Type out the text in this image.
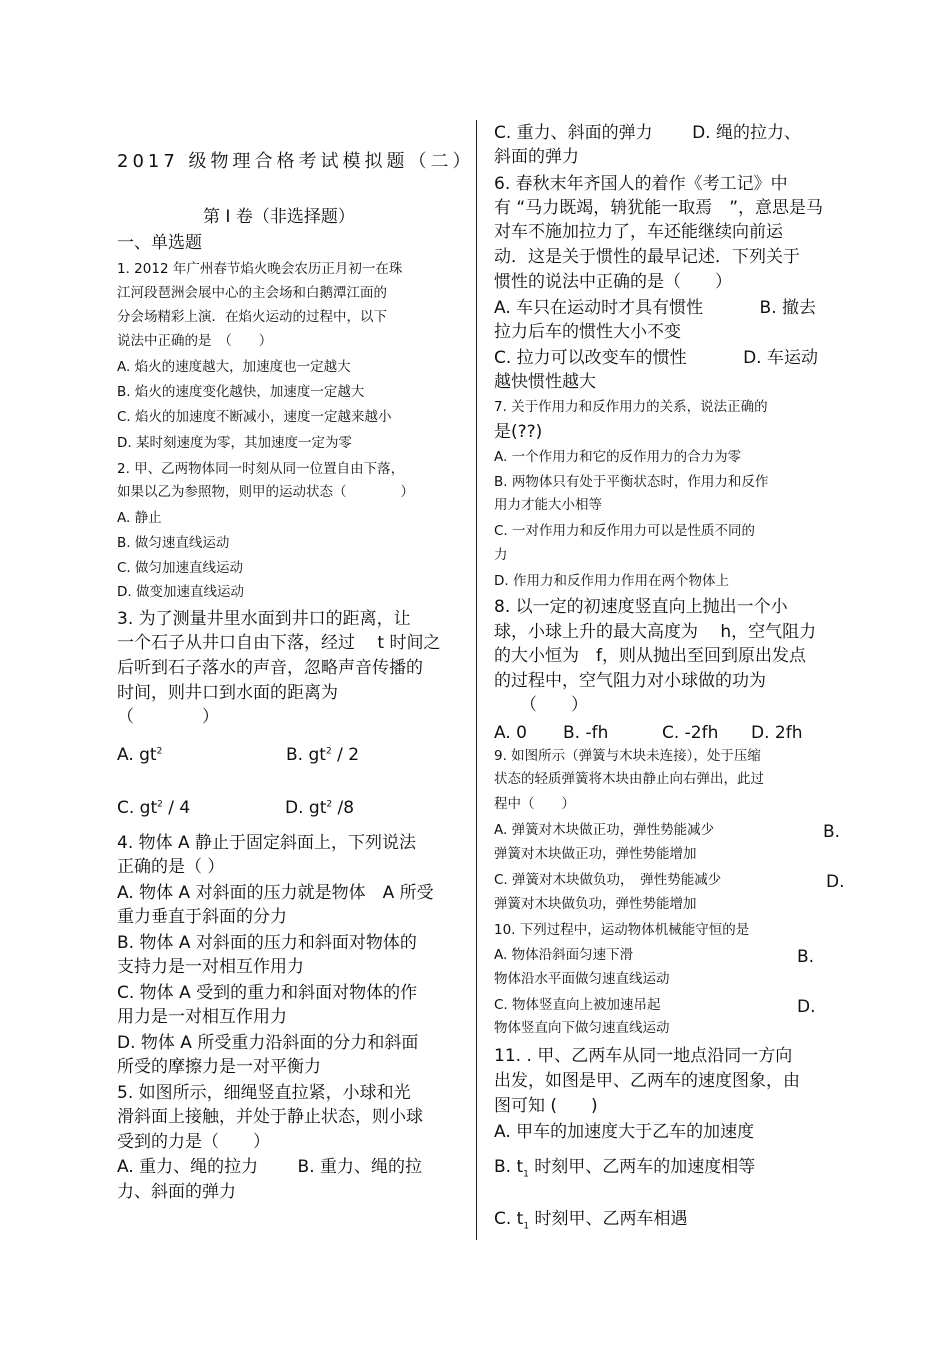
2017 级物理合格考试模拟题（二）
第 I 卷（非选择题）
一、单选题
1. 2012 年广州春节焰火晚会农历正月初一在珠
江河段琶洲会展中心的主会场和白鹅潭江面的
分会场精彩上演．在焰火运动的过程中，以下
说法中正确的是　（　　）
A. 焰火的速度越大，加速度也一定越大
B. 焰火的速度变化越快，加速度一定越大
C. 焰火的加速度不断减小，速度一定越来越小
D. 某时刻速度为零，其加速度一定为零
2. 甲、乙两物体同一时刻从同一位置自由下落，
如果以乙为参照物，则甲的运动状态（　　　　）
A. 静止
B. 做匀速直线运动
C. 做匀加速直线运动
D. 做变加速直线运动
3. 为了测量井里水面到井口的距离，让
一个石子从井口自由下落，经过　 t 时间之
后听到石子落水的声音，忽略声音传播的
时间，则井口到水面的距离为
（　　　　）
A. $gt^2$	B. $gt^2 / 2$
C. $gt^2 / 4$	D. $gt^2$ /8
4. 物体 A 静止于固定斜面上，下列说法
正确的是（ ）
A. 物体 A 对斜面的压力就是物体　A 所受
重力垂直于斜面的分力
B. 物体 A 对斜面的压力和斜面对物体的
支持力是一对相互作用力
C. 物体 A 受到的重力和斜面对物体的作
用力是一对相互作用力
D. 物体 A 所受重力沿斜面的分力和斜面
所受的摩擦力是一对平衡力
5. 如图所示，细绳竖直拉紧，小球和光
滑斜面上接触，并处于静止状态，则小球
受到的力是（　　）
A. 重力、绳的拉力　　 B. 重力、绳的拉
力、斜面的弹力
C. 重力、斜面的弹力　　 D. 绳的拉力、
斜面的弹力
6. 春秋末年齐国人的着作《考工记》中
有 “马力既竭，辀犹能一取焉　”，意思是马
对车不施加拉力了，车还能继续向前运
动．这是关于惯性的最早记述．下列关于
惯性的说法中正确的是（　　）
A. 车只在运动时才具有惯性　　　 B. 撤去
拉力后车的惯性大小不变
C. 拉力可以改变车的惯性　　　 D. 车运动
越快惯性越大
7. 关于作用力和反作用力的关系，说法正确的
是(??)
A. 一个作用力和它的反作用力的合力为零
B. 两物体只有处于平衡状态时，作用力和反作
用力才能大小相等
C. 一对作用力和反作用力可以是性质不同的
力
D. 作用力和反作用力作用在两个物体上
8. 以一定的初速度竖直向上抛出一个小
球，小球上升的最大高度为　 h，空气阻力
的大小恒为　f，则从抛出至回到原出发点
的过程中，空气阻力对小球做的功为
（　　）
A. 0 B. -fh	C. -2fh D. 2fh
9. 如图所示（弹簧与木块未连接），处于压缩
状态的轻质弹簧将木块由静止向右弹出，此过
程中（　　）
A. 弹簧对木块做正功，弹性势能减少	B.
弹簧对木块做正功，弹性势能增加
C. 弹簧对木块做负功，　弹性势能减少	D.
弹簧对木块做负功，弹性势能增加
10. 下列过程中，运动物体机械能守恒的是
A. 物体沿斜面匀速下滑	B.
物体沿水平面做匀速直线运动
C. 物体竖直向上被加速吊起	D.
物体竖直向下做匀速直线运动
11. . 甲、乙两车从同一地点沿同一方向
出发，如图是甲、乙两车的速度图象，由
图可知 (　　)
A. 甲车的加速度大于乙车的加速度
B. $t_1$ 时刻甲、乙两车的加速度相等
C. $t_1$ 时刻甲、乙两车相遇
